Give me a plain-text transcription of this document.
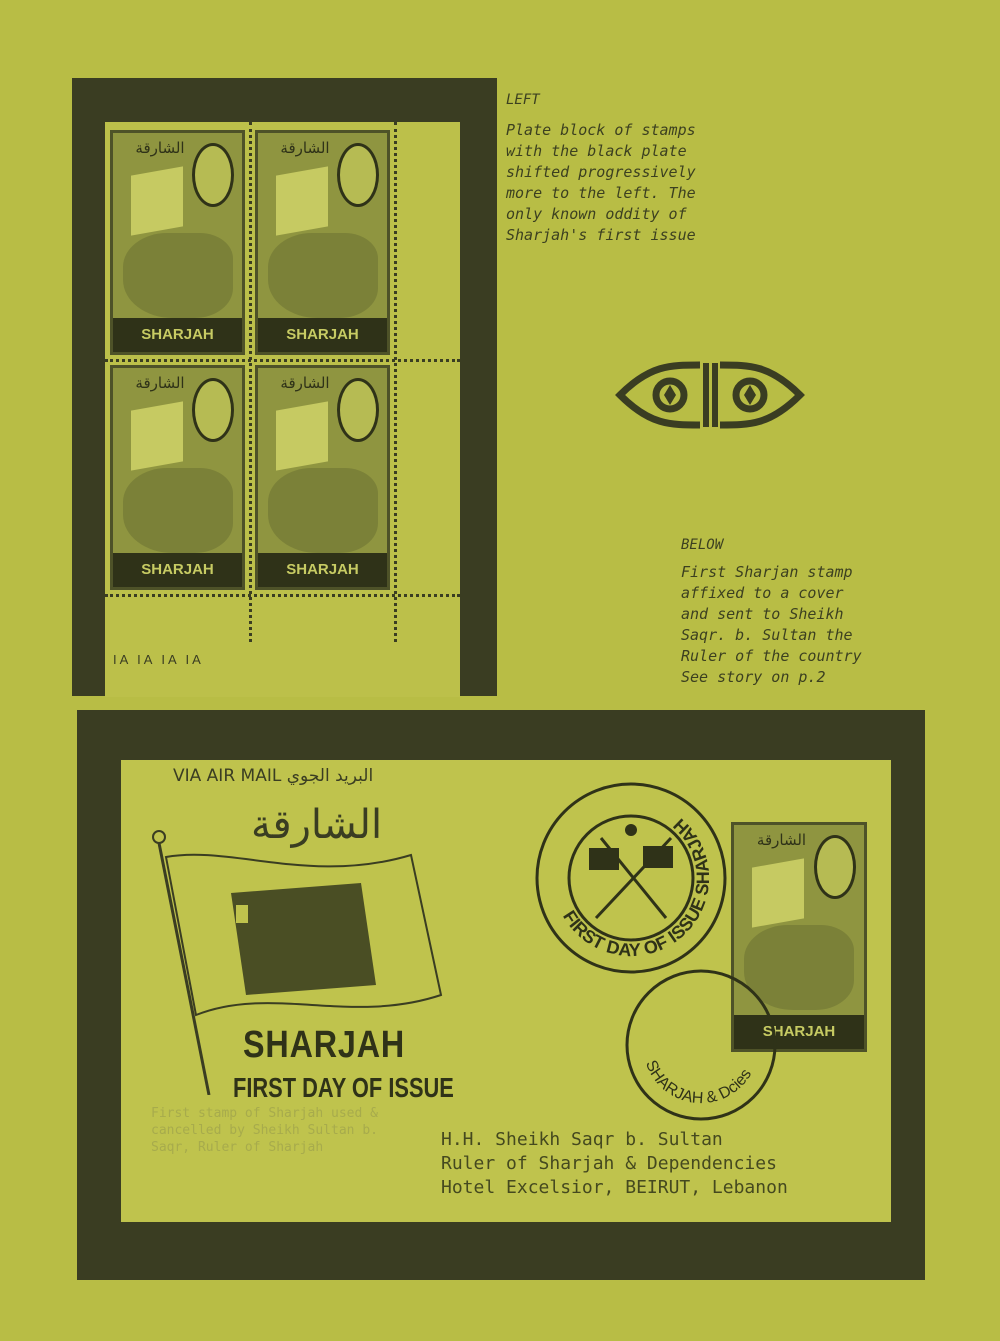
الشارقة
SHARJAH
الشارقة
SHARJAH
الشارقة
SHARJAH
الشارقة
SHARJAH
IA IA IA IA
LEFT
Plate block of stamps
with the black plate
shifted progressively
more to the left. The
only known oddity of
Sharjah's first issue
BELOW
First Sharjan stamp
affixed to a cover
and sent to Sheikh
Saqr. b. Sultan the
Ruler of the country
See story on p.2
VIA AIR MAIL البريد الجوي
الشارقة
SHARJAH
FIRST DAY OF ISSUE
الشارقة
SHARJAH
FIRST DAY OF ISSUE SHARJAH
SHARJAH & Dcies
First stamp of Sharjah used & cancelled by Sheikh Sultan b. Saqr, Ruler of Sharjah	H.H. Sheikh Saqr b. Sultan
Ruler of Sharjah & Dependencies
Hotel Excelsior, BEIRUT, Lebanon
